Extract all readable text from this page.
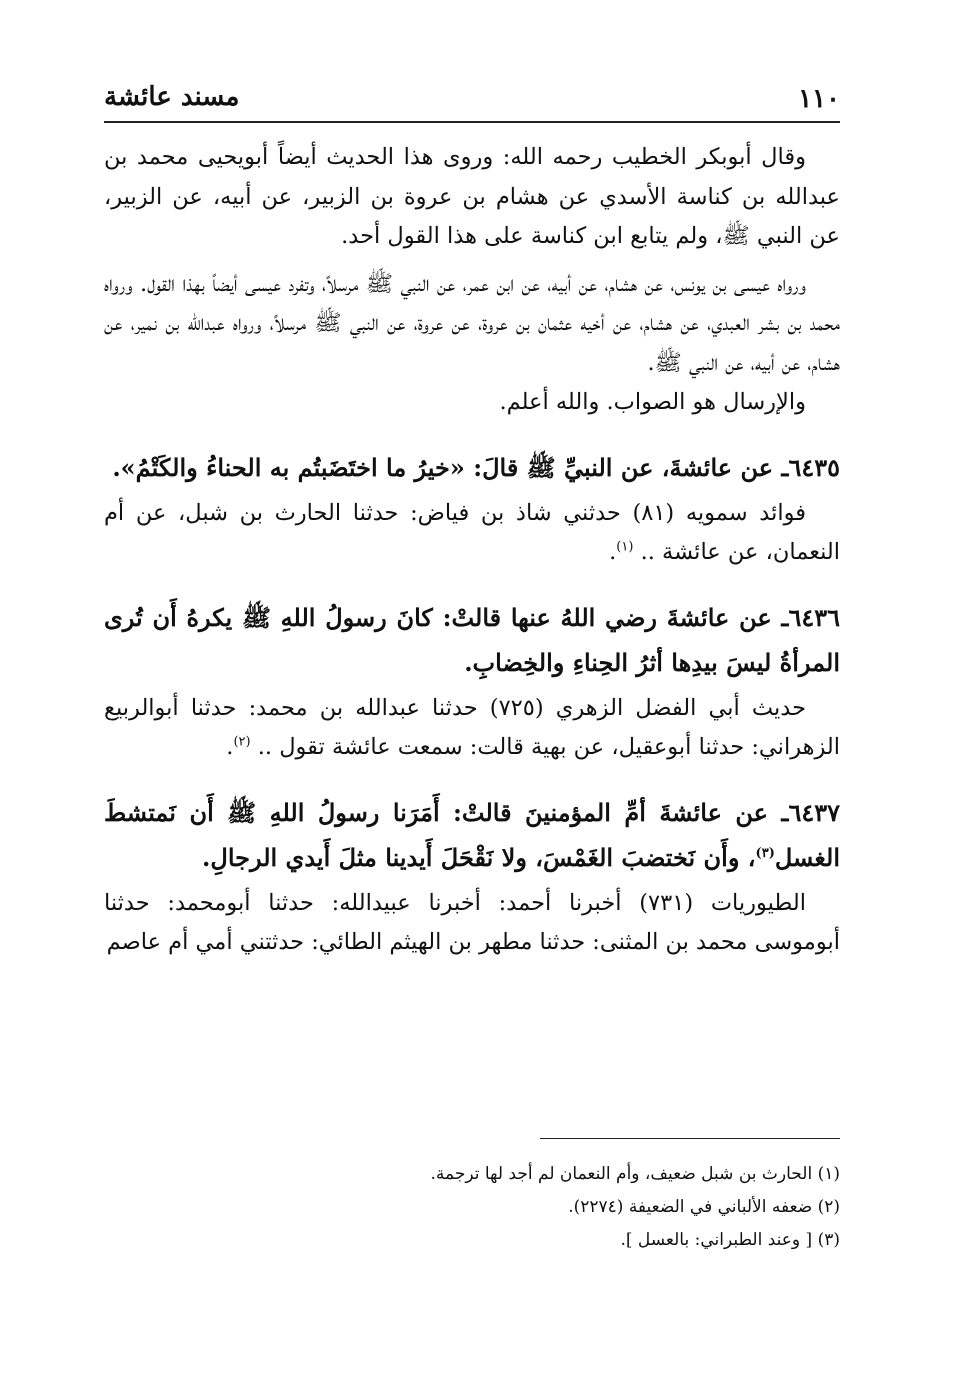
١١٠
مسند عائشة

وقال أبوبكر الخطيب رحمه الله: وروى هذا الحديث أيضاً أبويحيى محمد بن عبدالله بن كناسة الأسدي عن هشام بن عروة بن الزبير، عن أبيه، عن الزبير، عن النبي ﷺ، ولم يتابع ابن كناسة على هذا القول أحد.

ورواه عيسى بن يونس، عن هشام، عن أبيه، عن ابن عمر، عن النبي ﷺ مرسلاً، وتفرد عيسى أيضاً بهذا القول. ورواه محمد بن بشر العبدي، عن هشام، عن أخيه عثمان بن عروة، عن عروة، عن النبي ﷺ مرسلاً، ورواه عبدالله بن نمير، عن هشام، عن أبيه، عن النبي ﷺ.

والإرسال هو الصواب. والله أعلم.

٦٤٣٥ـ عن عائشةَ، عن النبيِّ ﷺ قالَ: «خيرُ ما اختَضَبتُم به الحناءُ والكَتْمُ».

فوائد سمويه (٨١) حدثني شاذ بن فياض: حدثنا الحارث بن شبل، عن أم النعمان، عن عائشة .. $^{(١)}$.

٦٤٣٦ـ عن عائشةَ رضي اللهُ عنها قالتْ: كانَ رسولُ اللهِ ﷺ يكرهُ أَن تُرى المرأةُ ليسَ بيدِها أثرُ الحِناءِ والخِضابِ.

حديث أبي الفضل الزهري (٧٢٥) حدثنا عبدالله بن محمد: حدثنا أبوالربيع الزهراني: حدثنا أبوعقيل، عن بهية قالت: سمعت عائشة تقول .. $^{(٢)}$.

٦٤٣٧ـ عن عائشةَ أمِّ المؤمنينَ قالتْ: أَمَرَنا رسولُ اللهِ ﷺ أَن نَمتشطَ الغسل$^{(٣)}$، وأَن نَختضبَ الغَمْسَ، ولا نَقْحَلَ أَيدينا مثلَ أَيدي الرجالِ.

الطيوريات (٧٣١) أخبرنا أحمد: أخبرنا عبيدالله: حدثنا أبومحمد: حدثنا أبوموسى محمد بن المثنى: حدثنا مطهر بن الهيثم الطائي: حدثتني أمي أم عاصم

(١) الحارث بن شبل ضعيف، وأم النعمان لم أجد لها ترجمة.

(٢) ضعفه الألباني في الضعيفة (٢٢٧٤).

(٣) [ وعند الطبراني: بالعسل ].
